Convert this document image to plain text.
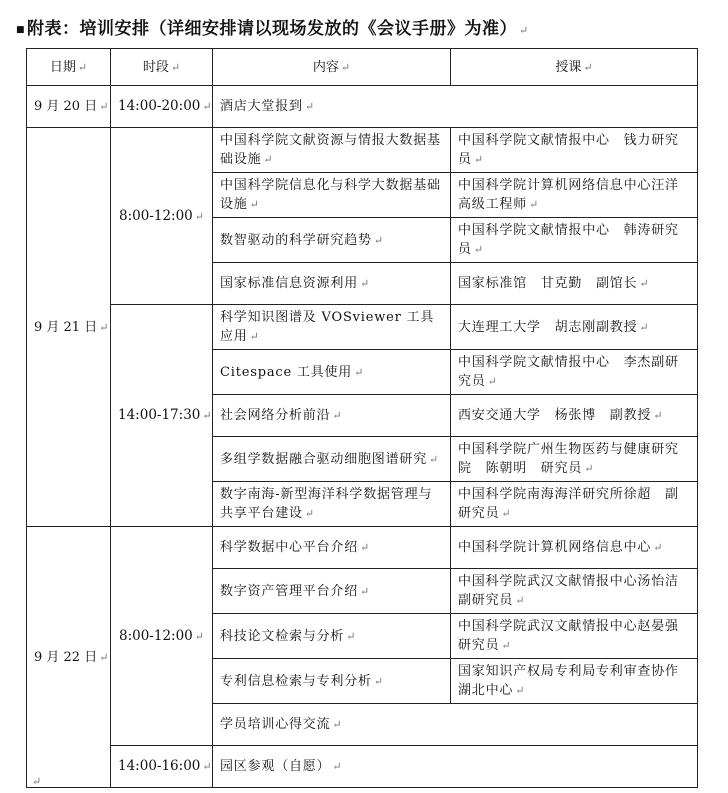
■ 附表：培训安排（详细安排请以现场发放的《会议手册》为准） ↵
日期 ↵	时段 ↵	内容 ↵	授课 ↵
9 月 20 日 ↵	14:00-20:00 ↵	酒店大堂报到 ↵	
9 月 21 日 ↵	8:00-12:00 ↵	中国科学院文献资源与情报大数据基础设施 ↵	中国科学院文献情报中心　钱力研究员 ↵
		中国科学院信息化与科学大数据基础设施 ↵	中国科学院计算机网络信息中心汪洋　高级工程师 ↵
		数智驱动的科学研究趋势 ↵	中国科学院文献情报中心　韩涛研究员 ↵
		国家标准信息资源利用 ↵	国家标准馆　甘克勤　副馆长 ↵
	14:00-17:30 ↵	科学知识图谱及 VOSviewer 工具应用 ↵	大连理工大学　胡志刚副教授 ↵
		Citespace 工具使用 ↵	中国科学院文献情报中心　李杰副研究员 ↵
		社会网络分析前沿 ↵	西安交通大学　杨张博　副教授 ↵
		多组学数据融合驱动细胞图谱研究 ↵	中国科学院广州生物医药与健康研究院　陈朝明　研究员 ↵
		数字南海-新型海洋科学数据管理与共享平台建设 ↵	中国科学院南海海洋研究所徐超　副研究员 ↵
9 月 22 日 ↵	8:00-12:00 ↵	科学数据中心平台介绍 ↵	中国科学院计算机网络信息中心 ↵
		数字资产管理平台介绍 ↵	中国科学院武汉文献情报中心汤怡洁　副研究员 ↵
		科技论文检索与分析 ↵	中国科学院武汉文献情报中心赵晏强　研究员 ↵
		专利信息检索与专利分析 ↵	国家知识产权局专利局专利审查协作湖北中心 ↵
		学员培训心得交流 ↵	
	14:00-16:00 ↵	园区参观（自愿） ↵	
↵
